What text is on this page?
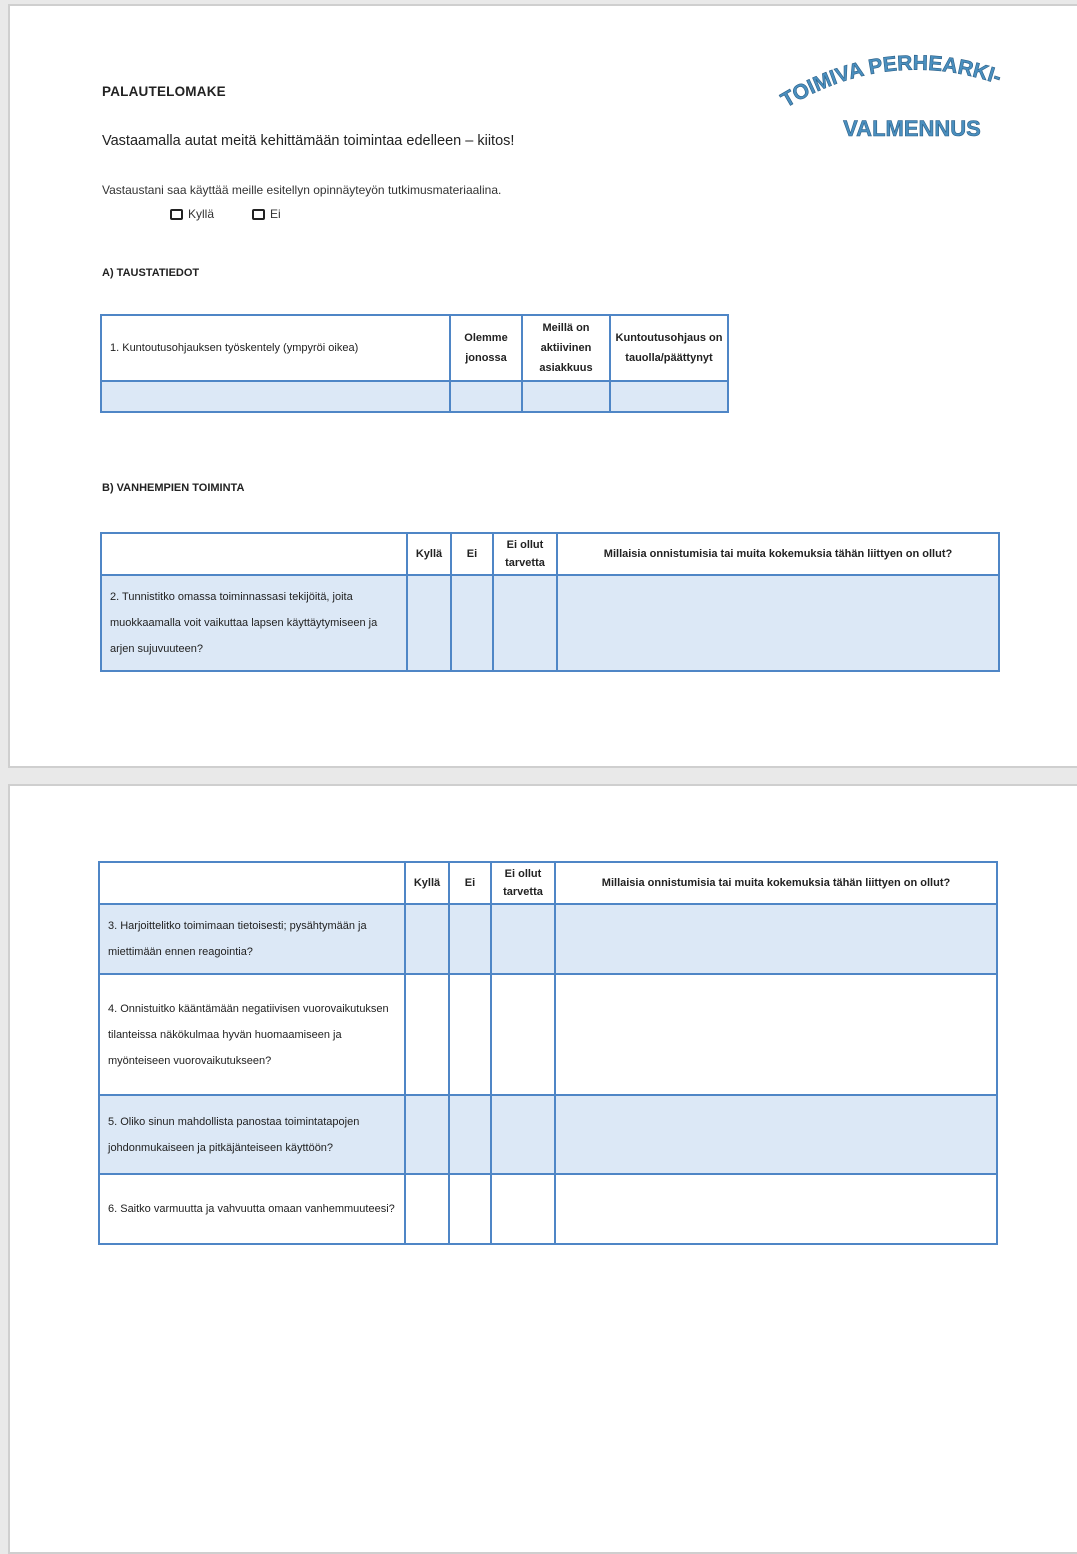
PALAUTELOMAKE
Vastaamalla autat meitä kehittämään toimintaa edelleen – kiitos!
Vastaustani saa käyttää meille esitellyn opinnäyteyön tutkimusmateriaalina.
Kyllä	Ei
TOIMIVA PERHEARKI-
VALMENNUS
A) TAUSTATIEDOT
1. Kuntoutusohjauksen työskentely (ympyröi oikea)	Olemme jonossa	Meillä on aktiivinen asiakkuus	Kuntoutusohjaus on tauolla/päättynyt

B) VANHEMPIEN TOIMINTA
	Kyllä	Ei	Ei ollut tarvetta	Millaisia onnistumisia tai muita kokemuksia tähän liittyen on ollut?
2. Tunnistitko omassa toiminnassasi tekijöitä, joita muokkaamalla voit vaikuttaa lapsen käyttäytymiseen ja arjen sujuvuuteen?				
	Kyllä	Ei	Ei ollut tarvetta	Millaisia onnistumisia tai muita kokemuksia tähän liittyen on ollut?
3. Harjoittelitko toimimaan tietoisesti; pysähtymään ja miettimään ennen reagointia?				
4. Onnistuitko kääntämään negatiivisen vuorovaikutuksen tilanteissa näkökulmaa hyvän huomaamiseen ja myönteiseen vuorovaikutukseen?				
5. Oliko sinun mahdollista panostaa toimintatapojen johdonmukaiseen ja pitkäjänteiseen käyttöön?				
6. Saitko varmuutta ja vahvuutta omaan vanhemmuuteesi?				
